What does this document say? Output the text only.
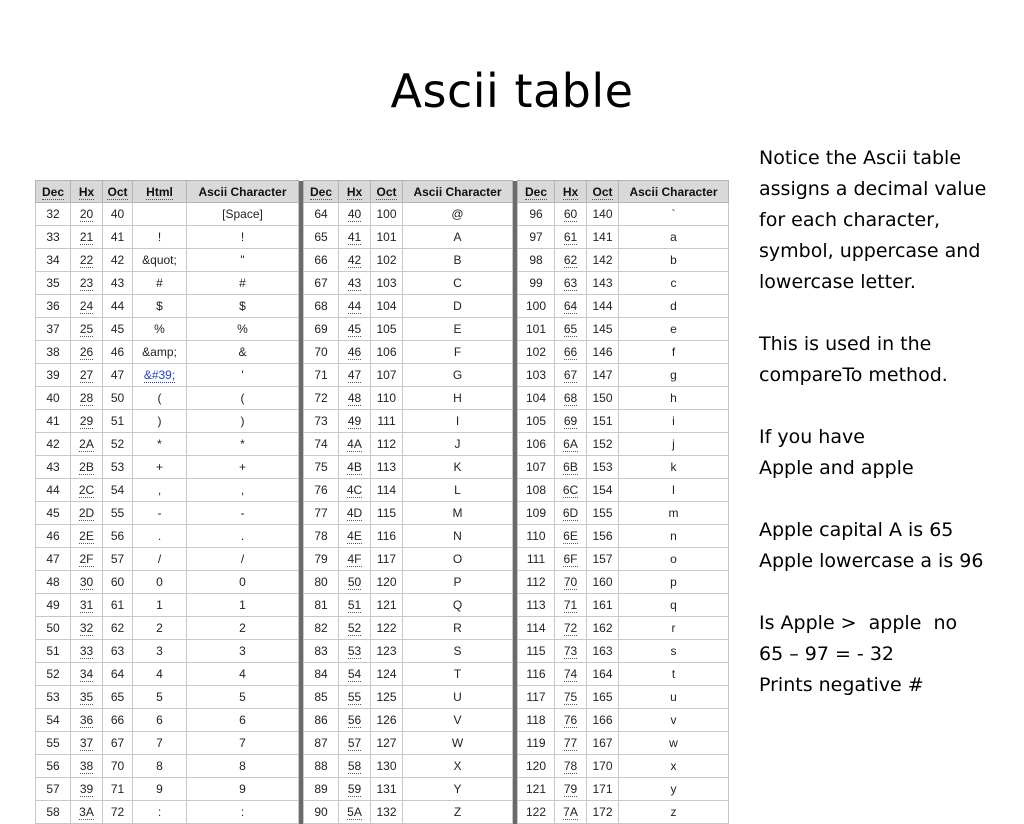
Ascii table
Dec	Hx	Oct	Html	Ascii Character		Dec	Hx	Oct	Ascii Character		Dec	Hx	Oct	Ascii Character
32	20	40		[Space]		64	40	100	@		96	60	140	`
33	21	41	!	!		65	41	101	A		97	61	141	a
34	22	42	&quot;	"		66	42	102	B		98	62	142	b
35	23	43	#	#		67	43	103	C		99	63	143	c
36	24	44	$	$		68	44	104	D		100	64	144	d
37	25	45	%	%		69	45	105	E		101	65	145	e
38	26	46	&amp;	&		70	46	106	F		102	66	146	f
39	27	47	&#39;	'		71	47	107	G		103	67	147	g
40	28	50	(	(		72	48	110	H		104	68	150	h
41	29	51	)	)		73	49	111	I		105	69	151	i
42	2A	52	*	*		74	4A	112	J		106	6A	152	j
43	2B	53	+	+		75	4B	113	K		107	6B	153	k
44	2C	54	,	,		76	4C	114	L		108	6C	154	l
45	2D	55	-	-		77	4D	115	M		109	6D	155	m
46	2E	56	.	.		78	4E	116	N		110	6E	156	n
47	2F	57	/	/		79	4F	117	O		111	6F	157	o
48	30	60	0	0		80	50	120	P		112	70	160	p
49	31	61	1	1		81	51	121	Q		113	71	161	q
50	32	62	2	2		82	52	122	R		114	72	162	r
51	33	63	3	3		83	53	123	S		115	73	163	s
52	34	64	4	4		84	54	124	T		116	74	164	t
53	35	65	5	5		85	55	125	U		117	75	165	u
54	36	66	6	6		86	56	126	V		118	76	166	v
55	37	67	7	7		87	57	127	W		119	77	167	w
56	38	70	8	8		88	58	130	X		120	78	170	x
57	39	71	9	9		89	59	131	Y		121	79	171	y
58	3A	72	:	:		90	5A	132	Z		122	7A	172	z
Notice the Ascii table
assigns a decimal value
for each character,
symbol, uppercase and
lowercase letter.
This is used in the
compareTo method.
If you have
Apple and apple
Apple capital A is 65
Apple lowercase a is 96
Is Apple >  apple  no
65 – 97 = - 32
Prints negative #
